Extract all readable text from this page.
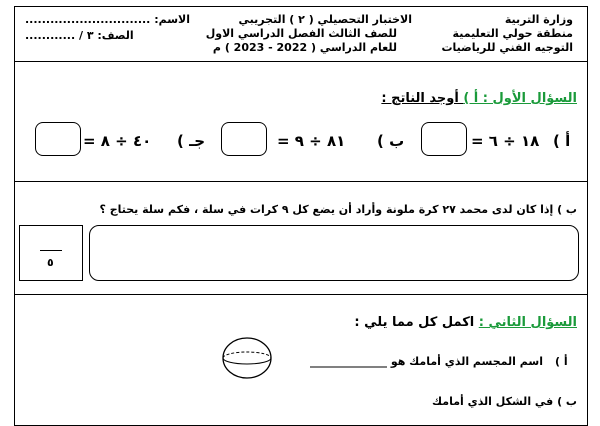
وزارة التربية
منطقة حولي التعليمية
التوجيه الفني للرياضيات
الاختبار التحصيلي ( ٢ ) التجريبي
للصف الثالث الفصل الدراسي الاول
للعام الدراسي ( 2022 - 2023 ) م
الاسم: ..............................
الصف: ٣ / ............
السؤال الأول : أ ) أوجد الناتج :
أ )
١٨ ÷ ٦ =
ب )
٨١ ÷ ٩ =
( جـ
٤٠ ÷ ٨ =
ب ) إذا كان لدى محمد ٢٧ كرة ملونة وأراد أن يضع كل ٩ كرات في سلة ، فكم سلة يحتاج ؟
٥
السؤال الثاني : اكمل كل مما يلي :
أ )
اسم المجسم الذي أمامك هو ______________
ب ) في الشكل الذي أمامك
